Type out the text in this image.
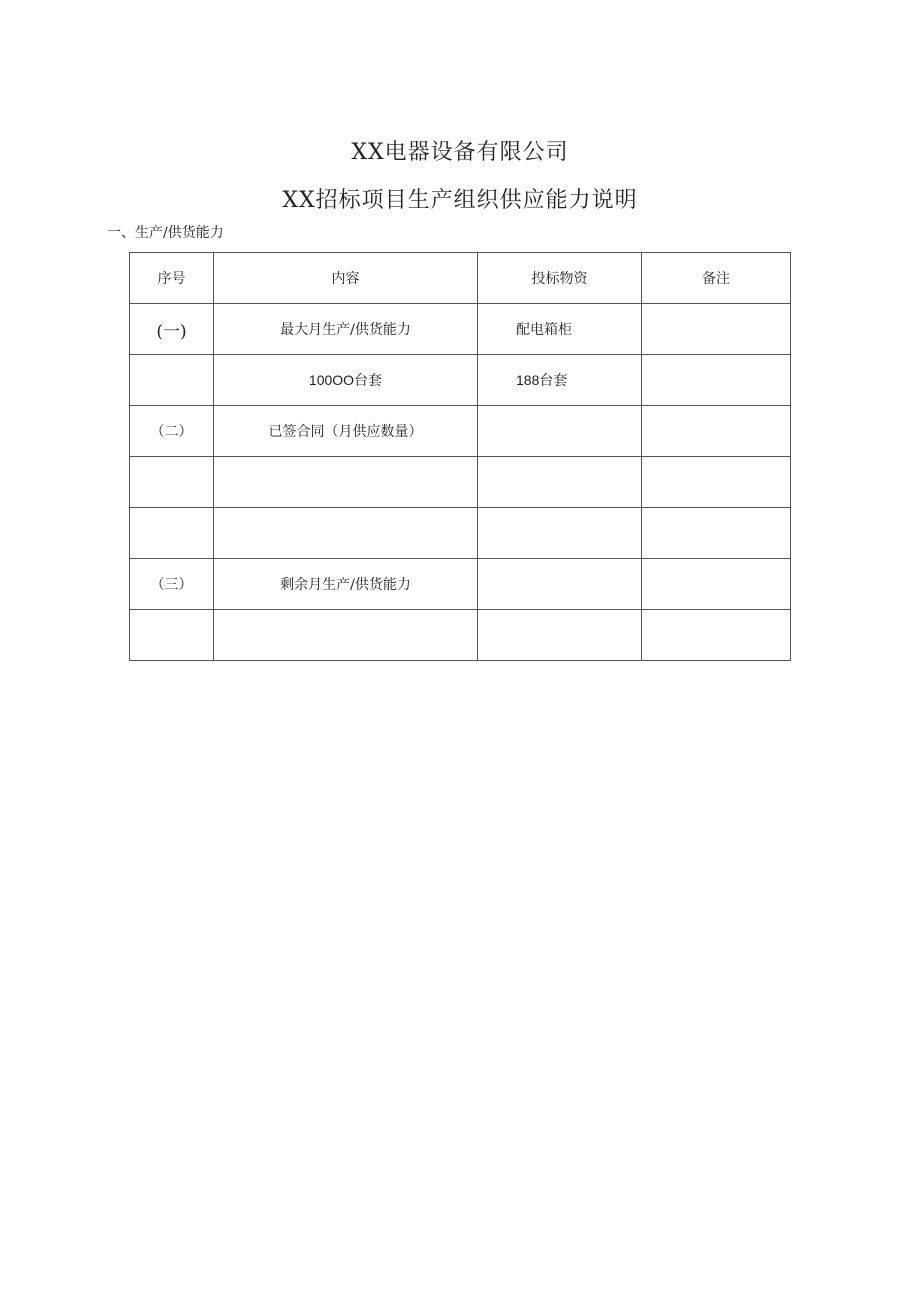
XX电器设备有限公司
XX招标项目生产组织供应能力说明

一、生产/供货能力

序号	内容	投标物资	备注
(一)	最大月生产/供货能力	配电箱柜	
	100OO台套	188台套	
（二）	已签合同（月供应数量）		

（三）	剩余月生产/供货能力		
